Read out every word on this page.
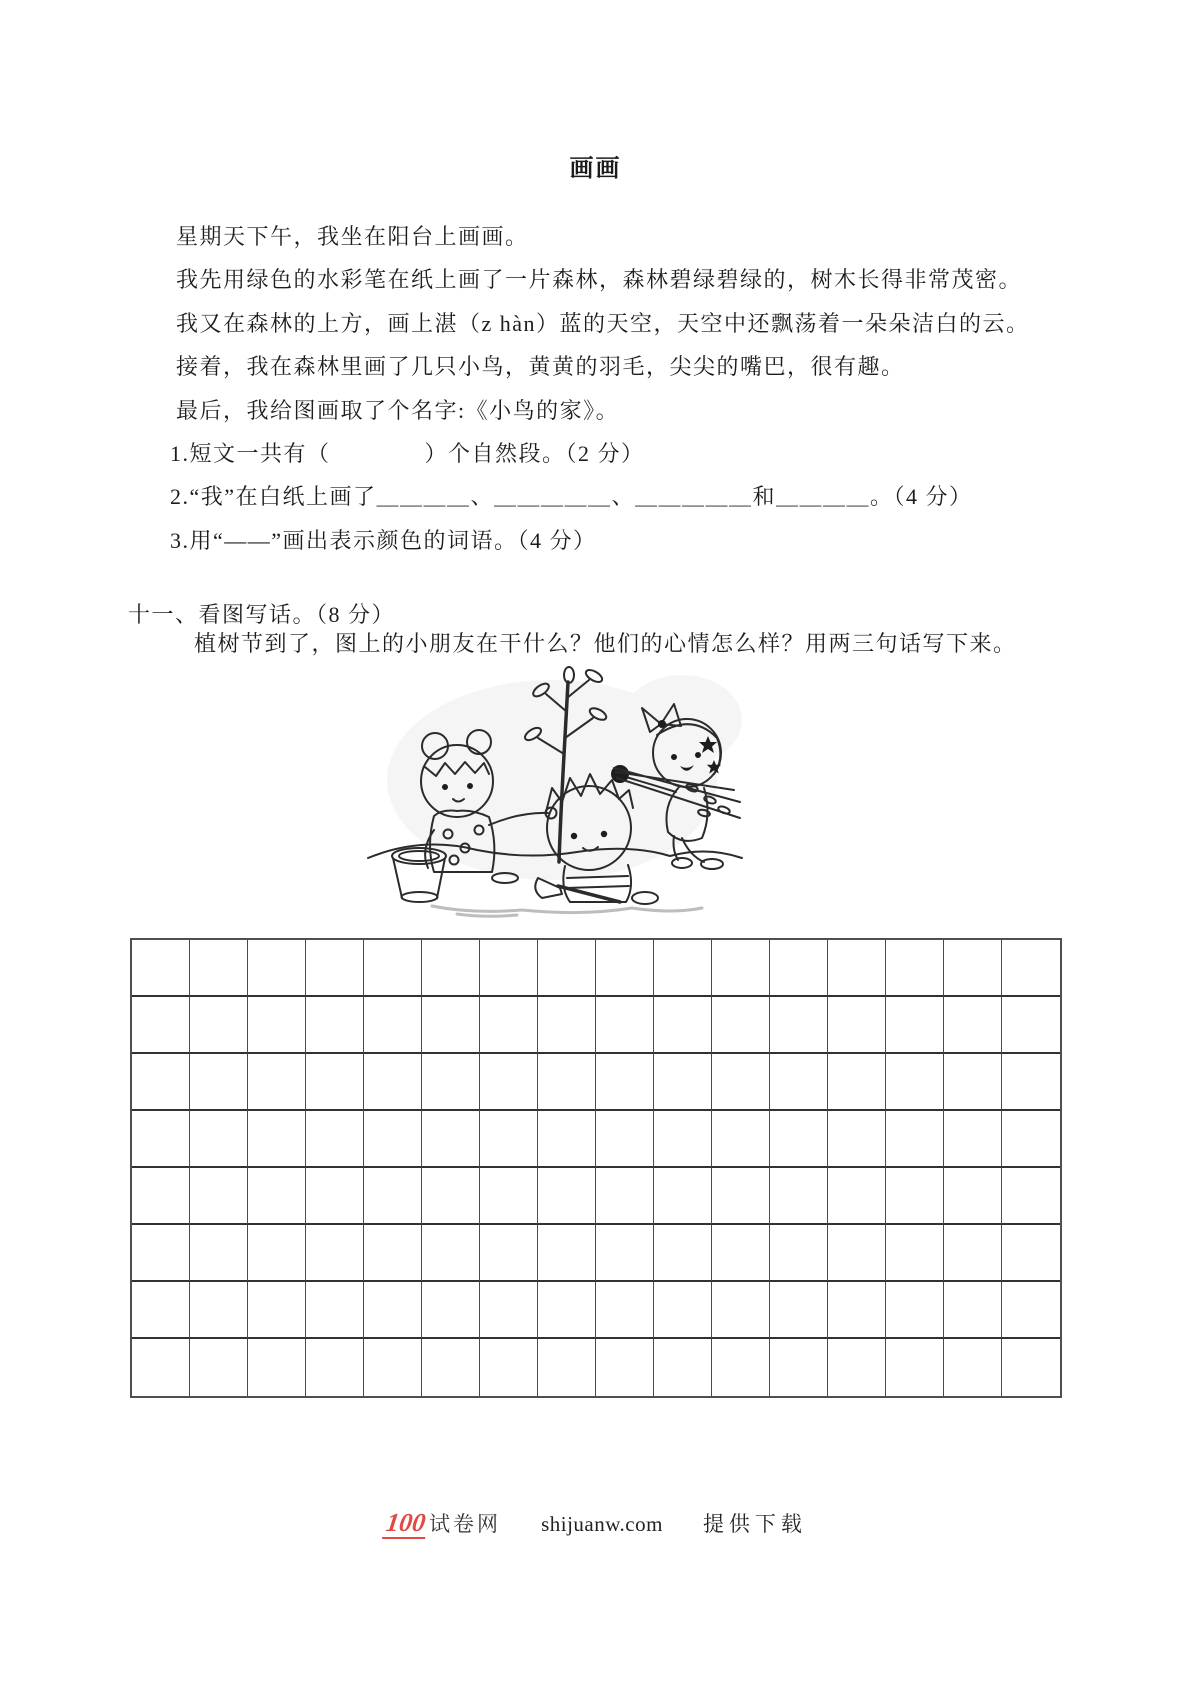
画画
星期天下午，我坐在阳台上画画。
我先用绿色的水彩笔在纸上画了一片森林，森林碧绿碧绿的，树木长得非常茂密。
我又在森林的上方，画上湛（z hàn）蓝的天空，天空中还飘荡着一朵朵洁白的云。
接着，我在森林里画了几只小鸟，黄黄的羽毛，尖尖的嘴巴，很有趣。
最后，我给图画取了个名字:《小鸟的家》。
1.短文一共有（　　　　）个自然段。（2 分）
2.“我”在白纸上画了＿＿＿＿、＿＿＿＿＿、＿＿＿＿＿和＿＿＿＿。（4 分）
3.用“——”画出表示颜色的词语。（4 分）
十一、看图写话。（8 分）
植树节到了，图上的小朋友在干什么？他们的心情怎么样？用两三句话写下来。
100 试卷网 shijuanw.com 提供下载
